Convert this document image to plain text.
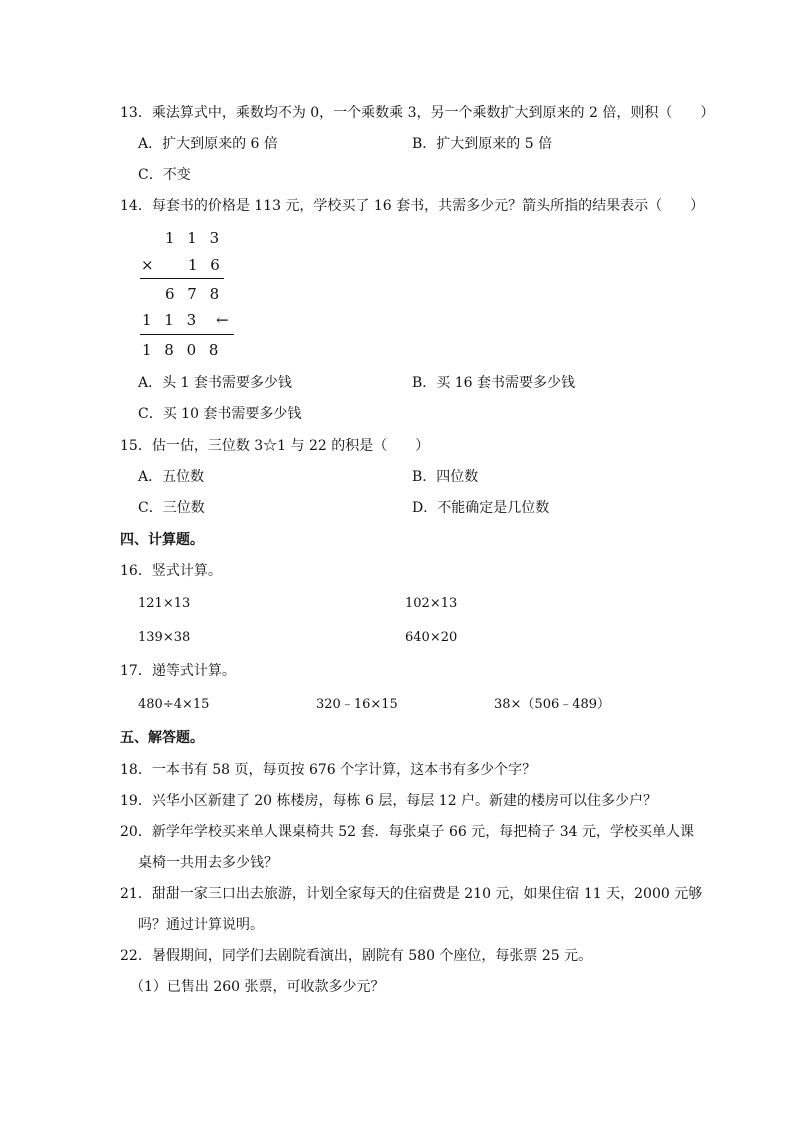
13．乘法算式中，乘数均不为 0，一个乘数乘 3，另一个乘数扩大到原来的 2 倍，则积（　　）
A．扩大到原来的 6 倍	B．扩大到原来的 5 倍
C．不变
14．每套书的价格是 113 元，学校买了 16 套书，共需多少元？箭头所指的结果表示（　　）
1 1 3
× 1 6
6 7 8
1 1 3 ←
1 8 0 8
A．头 1 套书需要多少钱	B．买 16 套书需要多少钱
C．买 10 套书需要多少钱
15．估一估，三位数 3☆1 与 22 的积是（　　）
A．五位数	B．四位数
C．三位数	D．不能确定是几位数
四、计算题。
16．竖式计算。
121×13	102×13
139×38	640×20
17．递等式计算。
480÷4×15	320﹣16×15	38×（506﹣489）
五、解答题。
18．一本书有 58 页，每页按 676 个字计算，这本书有多少个字？
19．兴华小区新建了 20 栋楼房，每栋 6 层，每层 12 户。新建的楼房可以住多少户？
20．新学年学校买来单人课桌椅共 52 套．每张桌子 66 元，每把椅子 34 元，学校买单人课
桌椅一共用去多少钱？
21．甜甜一家三口出去旅游，计划全家每天的住宿费是 210 元，如果住宿 11 天，2000 元够
吗？通过计算说明。
22．暑假期间，同学们去剧院看演出，剧院有 580 个座位，每张票 25 元。
（1）已售出 260 张票，可收款多少元？
